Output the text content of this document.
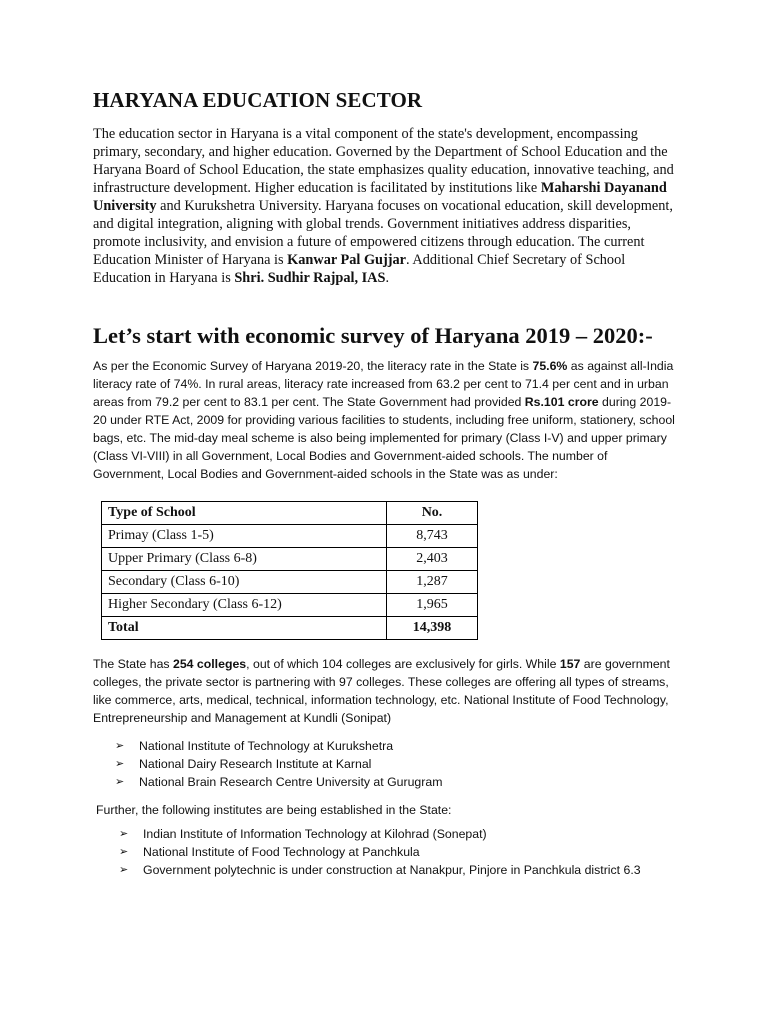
HARYANA EDUCATION SECTOR

The education sector in Haryana is a vital component of the state's development, encompassing primary, secondary, and higher education. Governed by the Department of School Education and the Haryana Board of School Education, the state emphasizes quality education, innovative teaching, and infrastructure development. Higher education is facilitated by institutions like Maharshi Dayanand University and Kurukshetra University. Haryana focuses on vocational education, skill development, and digital integration, aligning with global trends. Government initiatives address disparities, promote inclusivity, and envision a future of empowered citizens through education. The current Education Minister of Haryana is Kanwar Pal Gujjar. Additional Chief Secretary of School Education in Haryana is Shri. Sudhir Rajpal, IAS.

Let’s start with economic survey of Haryana 2019 – 2020:-

As per the Economic Survey of Haryana 2019-20, the literacy rate in the State is 75.6% as against all-India literacy rate of 74%. In rural areas, literacy rate increased from 63.2 per cent to 71.4 per cent and in urban areas from 79.2 per cent to 83.1 per cent. The State Government had provided Rs.101 crore during 2019-20 under RTE Act, 2009 for providing various facilities to students, including free uniform, stationery, school bags, etc. The mid-day meal scheme is also being implemented for primary (Class I-V) and upper primary (Class VI-VIII) in all Government, Local Bodies and Government-aided schools. The number of Government, Local Bodies and Government-aided schools in the State was as under:

Type of School	No.
Primay (Class 1-5)	8,743
Upper Primary (Class 6-8)	2,403
Secondary (Class 6-10)	1,287
Higher Secondary (Class 6-12)	1,965
Total	14,398

The State has 254 colleges, out of which 104 colleges are exclusively for girls. While 157 are government colleges, the private sector is partnering with 97 colleges. These colleges are offering all types of streams, like commerce, arts, medical, technical, information technology, etc. National Institute of Food Technology, Entrepreneurship and Management at Kundli (Sonipat)

➢ National Institute of Technology at Kurukshetra
➢ National Dairy Research Institute at Karnal
➢ National Brain Research Centre University at Gurugram

Further, the following institutes are being established in the State:

➢ Indian Institute of Information Technology at Kilohrad (Sonepat)
➢ National Institute of Food Technology at Panchkula
➢ Government polytechnic is under construction at Nanakpur, Pinjore in Panchkula district 6.3
